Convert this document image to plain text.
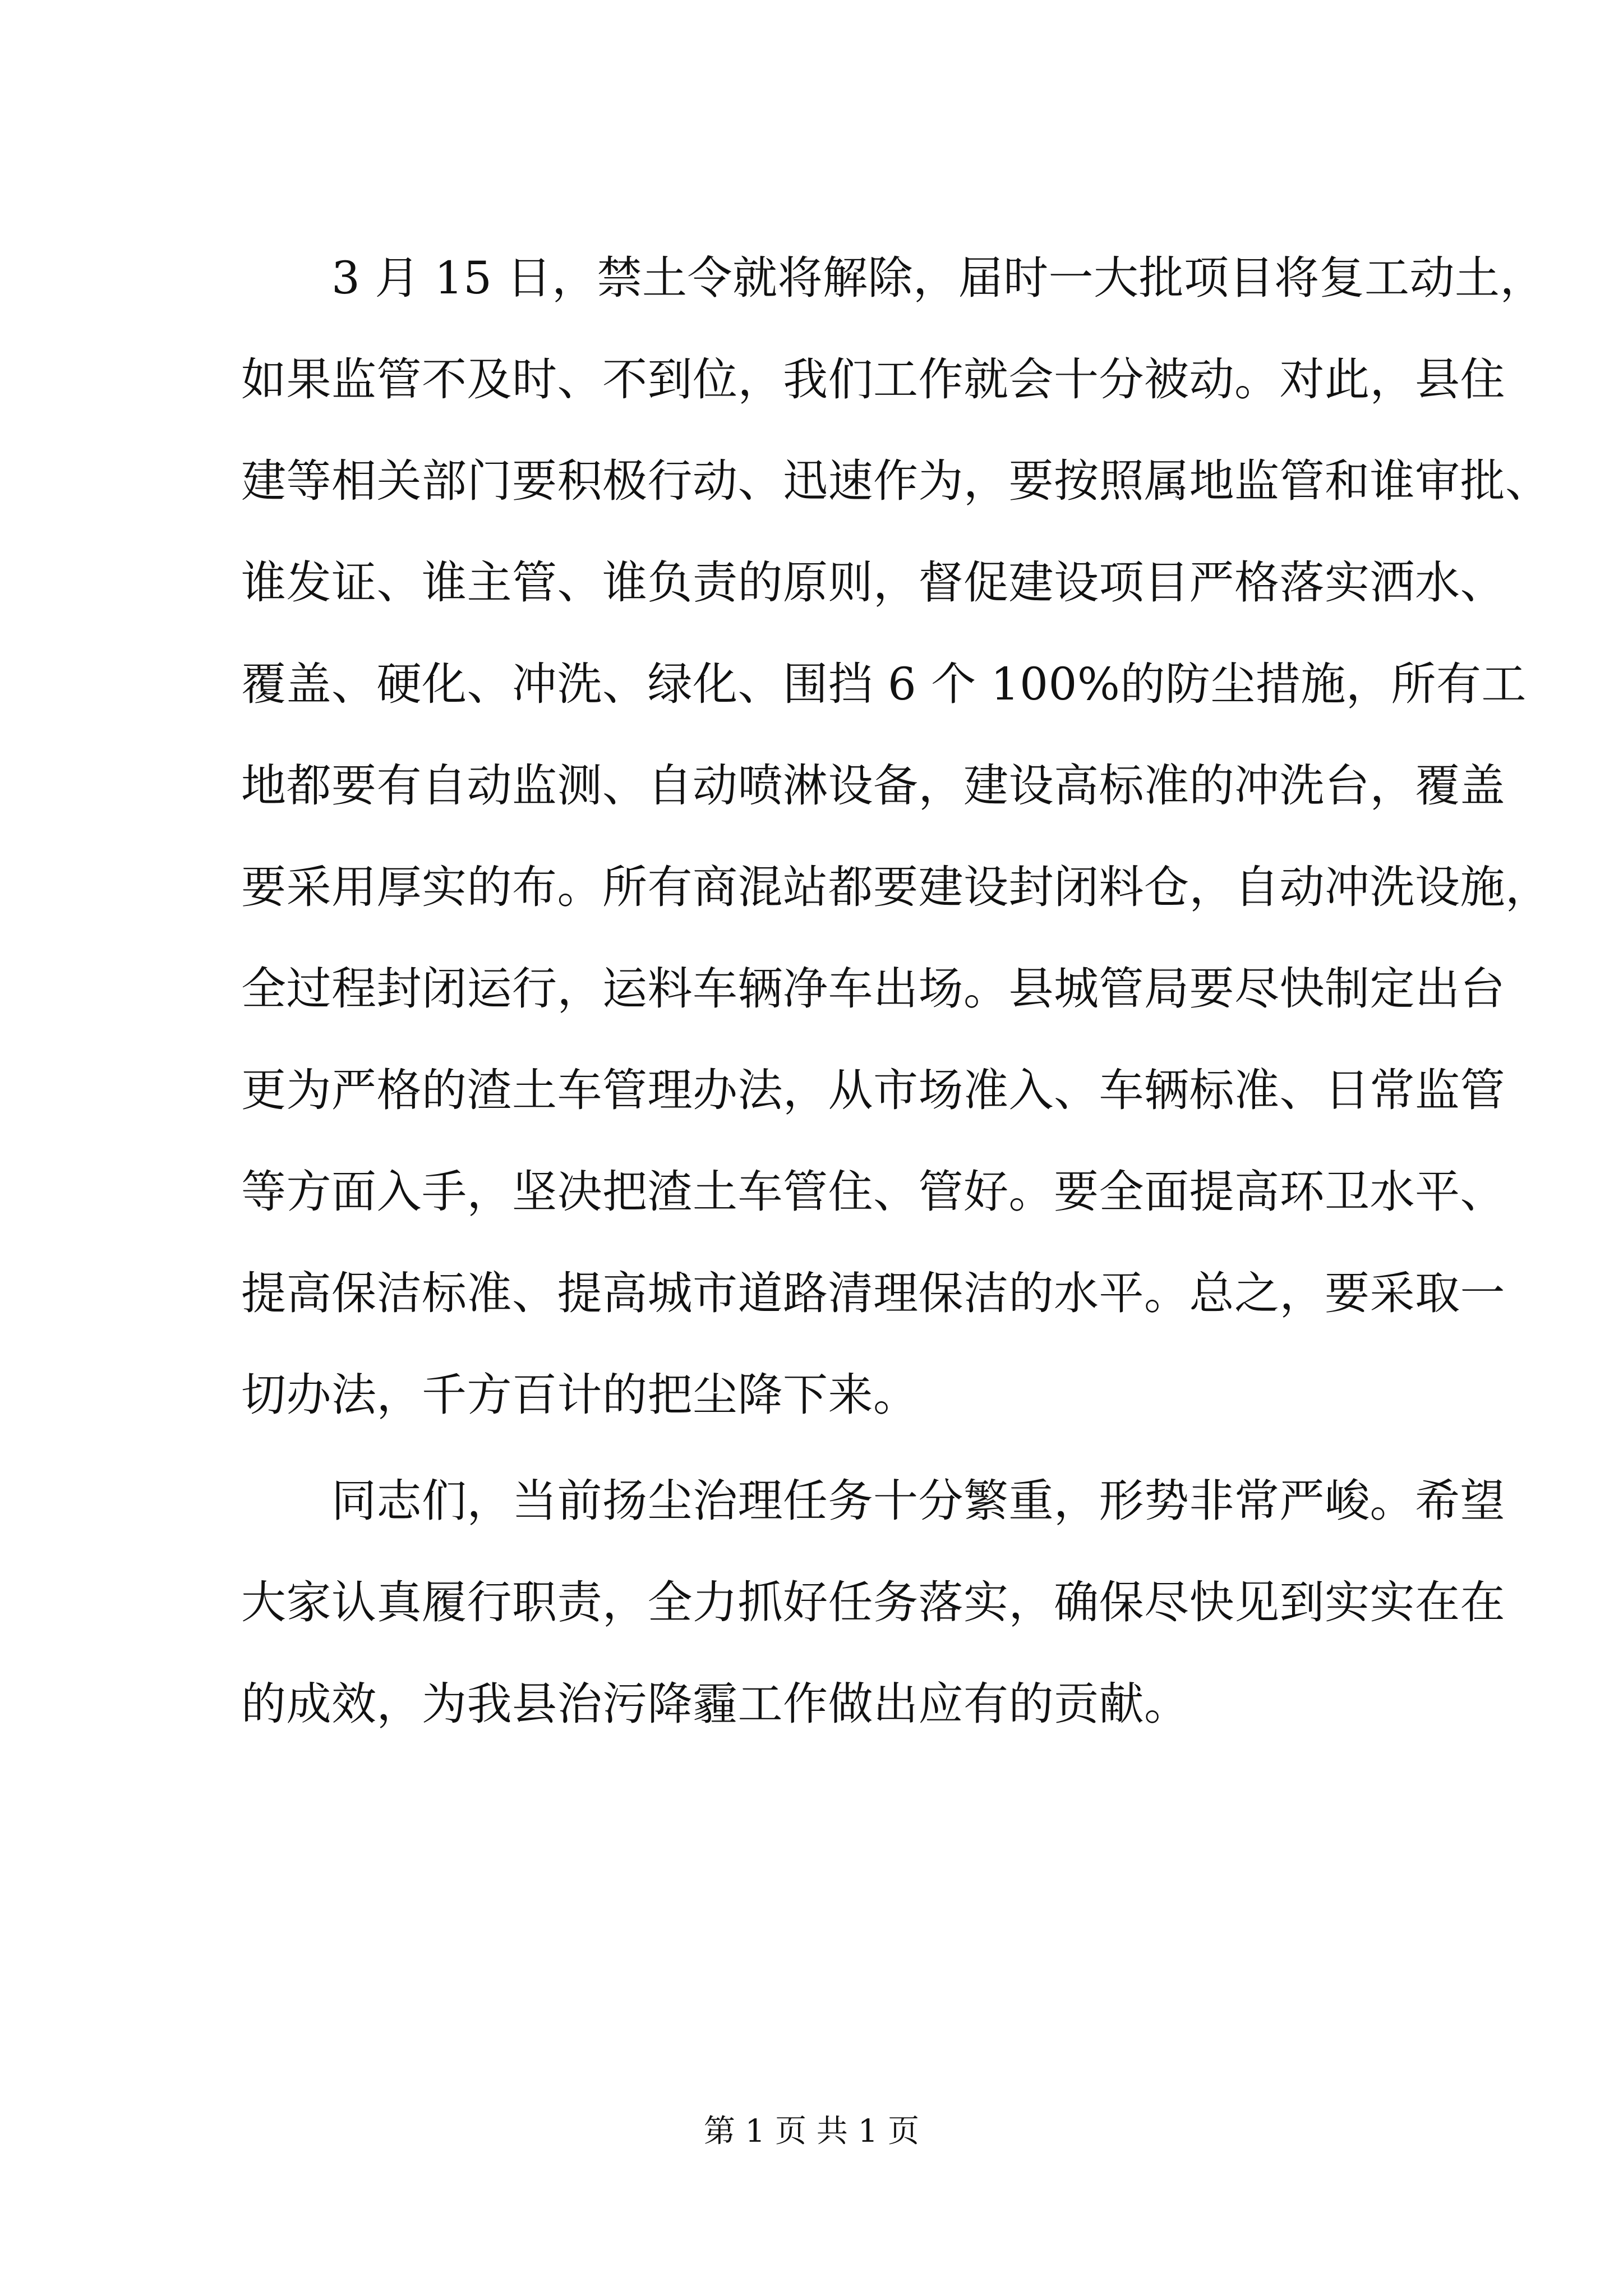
　　3 月 15 日，禁土令就将解除，届时一大批项目将复工动土，
如果监管不及时、不到位，我们工作就会十分被动。对此，县住
建等相关部门要积极行动、迅速作为，要按照属地监管和谁审批、
谁发证、谁主管、谁负责的原则，督促建设项目严格落实洒水、
覆盖、硬化、冲洗、绿化、围挡 6 个 100%的防尘措施，所有工
地都要有自动监测、自动喷淋设备，建设高标准的冲洗台，覆盖
要采用厚实的布。所有商混站都要建设封闭料仓，自动冲洗设施，
全过程封闭运行，运料车辆净车出场。县城管局要尽快制定出台
更为严格的渣土车管理办法，从市场准入、车辆标准、日常监管
等方面入手，坚决把渣土车管住、管好。要全面提高环卫水平、
提高保洁标准、提高城市道路清理保洁的水平。总之，要采取一
切办法，千方百计的把尘降下来。
　　同志们，当前扬尘治理任务十分繁重，形势非常严峻。希望
大家认真履行职责，全力抓好任务落实，确保尽快见到实实在在
的成效，为我县治污降霾工作做出应有的贡献。
第 1 页 共 1 页
